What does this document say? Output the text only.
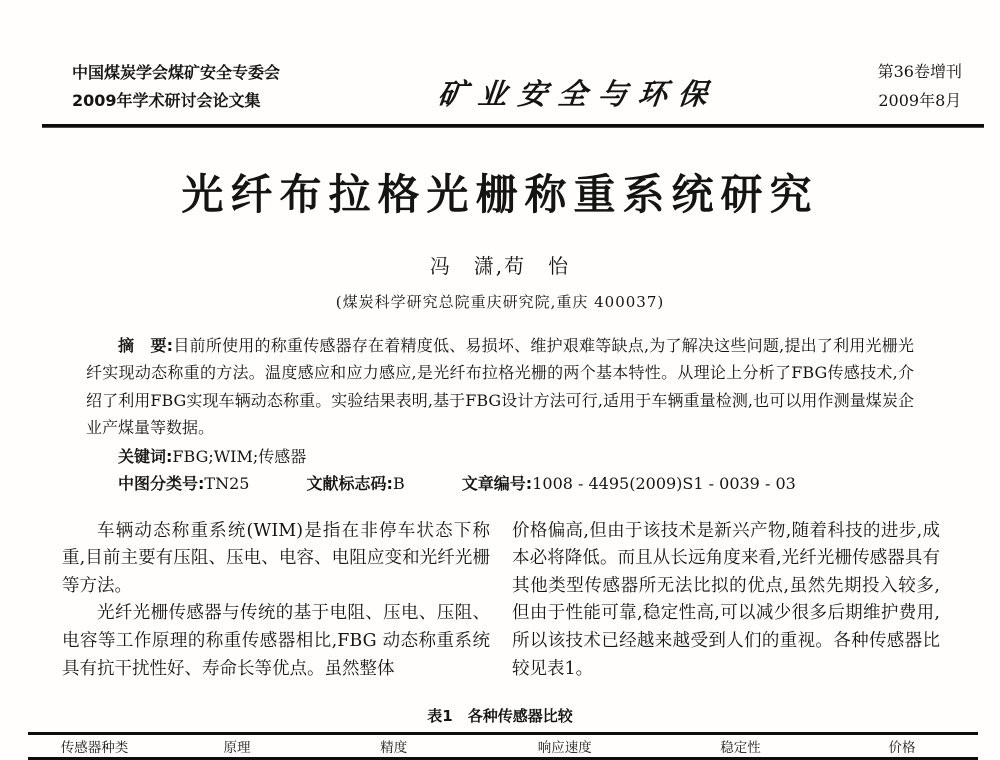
中国煤炭学会煤矿安全专委会
2009年学术研讨会论文集	矿业安全与环保
第36卷增刊
2009年8月
光纤布拉格光栅称重系统研究
冯　潇,苟　怡
(煤炭科学研究总院重庆研究院,重庆 400037)

摘　要:目前所使用的称重传感器存在着精度低、易损坏、维护艰难等缺点,为了解决这些问题,提出了利用光栅光纤实现动态称重的方法。温度感应和应力感应,是光纤布拉格光栅的两个基本特性。从理论上分析了FBG传感技术,介绍了利用FBG实现车辆动态称重。实验结果表明,基于FBG设计方法可行,适用于车辆重量检测,也可以用作测量煤炭企业产煤量等数据。

关键词:FBG;WIM;传感器

中图分类号:TN25	文献标志码:B	文章编号:1008 - 4495(2009)S1 - 0039 - 03

车辆动态称重系统(WIM)是指在非停车状态下称重,目前主要有压阻、压电、电容、电阻应变和光纤光栅等方法。

光纤光栅传感器与传统的基于电阻、压电、压阻、电容等工作原理的称重传感器相比,FBG 动态称重系统具有抗干扰性好、寿命长等优点。虽然整体

价格偏高,但由于该技术是新兴产物,随着科技的进步,成本必将降低。而且从长远角度来看,光纤光栅传感器具有其他类型传感器所无法比拟的优点,虽然先期投入较多,但由于性能可靠,稳定性高,可以减少很多后期维护费用,所以该技术已经越来越受到人们的重视。各种传感器比较见表1。

表1　各种传感器比较
传感器种类	原理	精度	响应速度	稳定性	价格
